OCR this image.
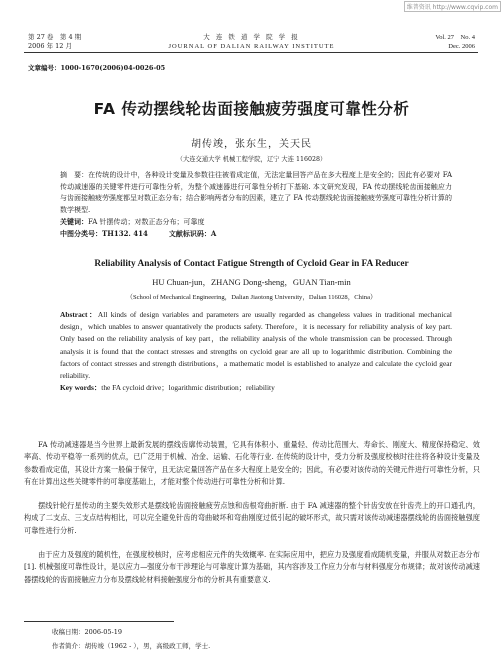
维普资讯 http://www.cqvip.com
第 27 卷　第 4 期
2006 年 12 月
大 连 铁 道 学 院 学 报
JOURNAL OF DALIAN RAILWAY INSTITUTE
Vol. 27　No. 4
Dec. 2006
文章编号：1000-1670(2006)04-0026-05
FA 传动摆线轮齿面接触疲劳强度可靠性分析
胡传竣，张东生，关天民
（大连交通大学 机械工程学院，辽宁 大连 116028）
摘　要：在传统的设计中，各种设计变量及参数往往被看成定值，无法定量回答产品在多大程度上是安全的；因此有必要对 FA 传动减速器的关键零件进行可靠性分析，为整个减速器进行可靠性分析打下基础. 本文研究发现，FA 传动摆线轮齿面接触应力与齿面接触疲劳强度都呈对数正态分布；结合影响两者分布的因素，建立了 FA 传动摆线轮齿面接触疲劳强度可靠性分析计算的数学模型.
关键词：FA 针摆传动；对数正态分布；可靠度
中图分类号：TH132. 414　　　文献标识码：A
Reliability Analysis of Contact Fatigue Strength of Cycloid Gear in FA Reducer
HU Chuan-jun，ZHANG Dong-sheng，GUAN Tian-min
（School of Mechanical Engineering，Dalian Jiaotong University，Dalian 116028，China）
Abstract：All kinds of design variables and parameters are usually regarded as changeless values in traditional mechanical design，which unables to answer quantatively the products safety. Therefore，it is necessary for reliability analysis of key part. Only based on the reliability analysis of key part，the reliability analysis of the whole transmission can be processed. Through analysis it is found that the contact stresses and strengths on cycloid gear are all up to logarithmic distribution. Combining the factors of contact stresses and strength distributions，a mathematic model is established to analyze and calculate the cycloid gear reliability.
Key words：the FA cycloid drive；logarithmic distribution；reliability
FA 传动减速器是当今世界上最新发展的摆线齿廓传动装置，它具有体积小、重量轻、传动比范围大、寿命长、刚度大、精度保持稳定、效率高、传动平稳等一系列的优点，已广泛用于机械、冶金、运输、石化等行业. 在传统的设计中，受力分析及强度校核时往往将各种设计变量及参数看成定值，其设计方案一般偏于保守，且无法定量回答产品在多大程度上是安全的；因此，有必要对该传动的关键元件进行可靠性分析，只有在计算出这些关键零件的可靠度基础上，才能对整个传动进行可靠性分析和计算.
摆线针轮行星传动的主要失效形式是摆线轮齿面接触疲劳点蚀和齿根弯曲折断. 由于 FA 减速器的整个针齿安放在针齿壳上的开口通孔内，构成了二支点、三支点结构相比，可以完全避免针齿的弯曲破坏和弯曲刚度过低引起的破坏形式，故只需对该传动减速器摆线轮的齿面接触强度可靠性进行分析.
由于应力及强度的随机性，在强度校核时，应考虑相应元件的失效概率. 在实际应用中，把应力及强度看成随机变量，并服从对数正态分布[1]. 机械强度可靠性设计，是以应力—强度分布干涉理论与可靠度计算为基础，其内容涉及工作应力分布与材料强度分布规律；故对该传动减速器摆线轮的齿面接触应力分布及摆线轮材料接触强度分布的分析具有重要意义.
收稿日期：2006-05-19
作者简介：胡传竣（1962 - ），男，高级政工师，学士.
